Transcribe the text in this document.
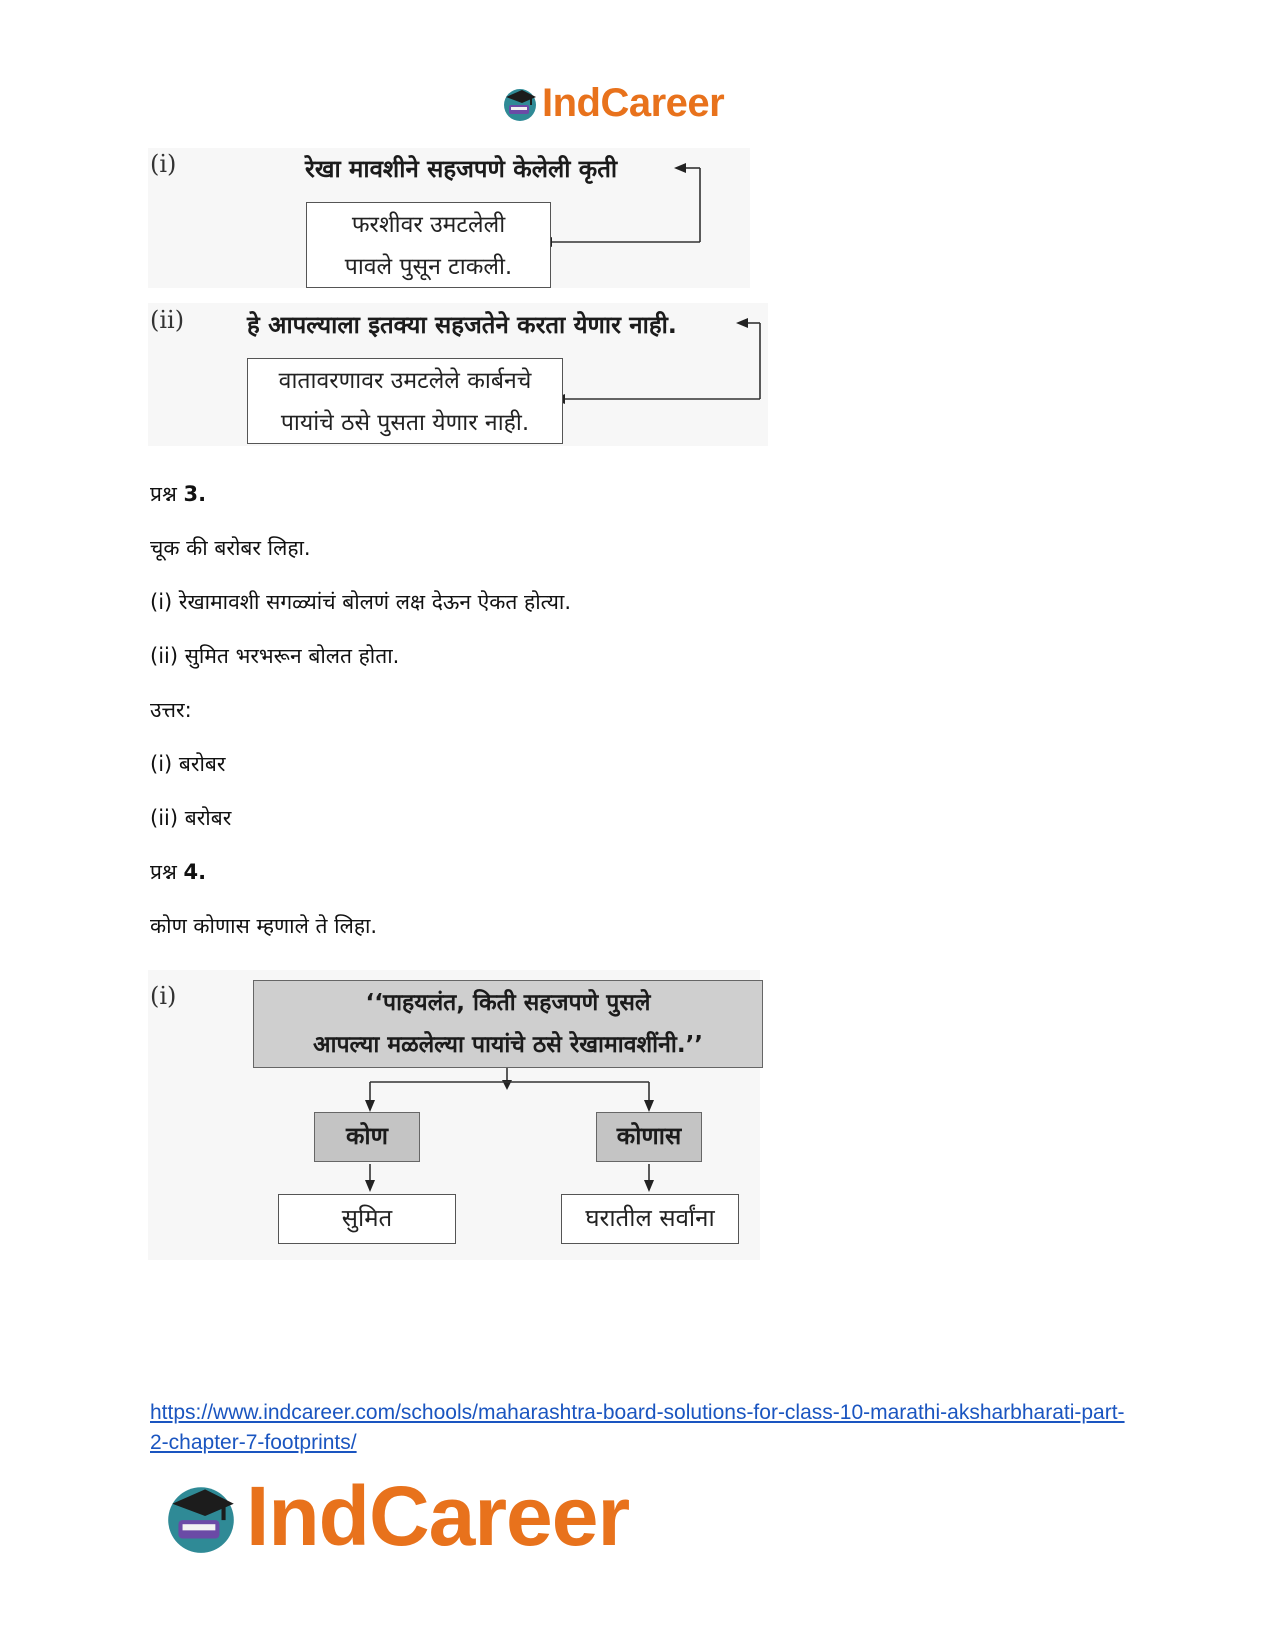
IndCareer
(i)	रेखा मावशीने सहजपणे केलेली कृती
फरशीवर उमटलेली
पावले पुसून टाकली.
(ii)	हे आपल्याला इतक्या सहजतेने करता येणार नाही.
वातावरणावर उमटलेले कार्बनचे
पायांचे ठसे पुसता येणार नाही.
प्रश्न 3.
चूक की बरोबर लिहा.
(i) रेखामावशी सगळ्यांचं बोलणं लक्ष देऊन ऐकत होत्या.
(ii) सुमित भरभरून बोलत होता.
उत्तर:
(i) बरोबर
(ii) बरोबर
प्रश्न 4.
कोण कोणास म्हणाले ते लिहा.
(i)	‘‘पाहयलंत, किती सहजपणे पुसले
आपल्या मळलेल्या पायांचे ठसे रेखामावशींनी.’’
कोण	कोणास
सुमित	घरातील सर्वांना
https://www.indcareer.com/schools/maharashtra-board-solutions-for-class-10-marathi-aksharbharati-part-2-chapter-7-footprints/
IndCareer
